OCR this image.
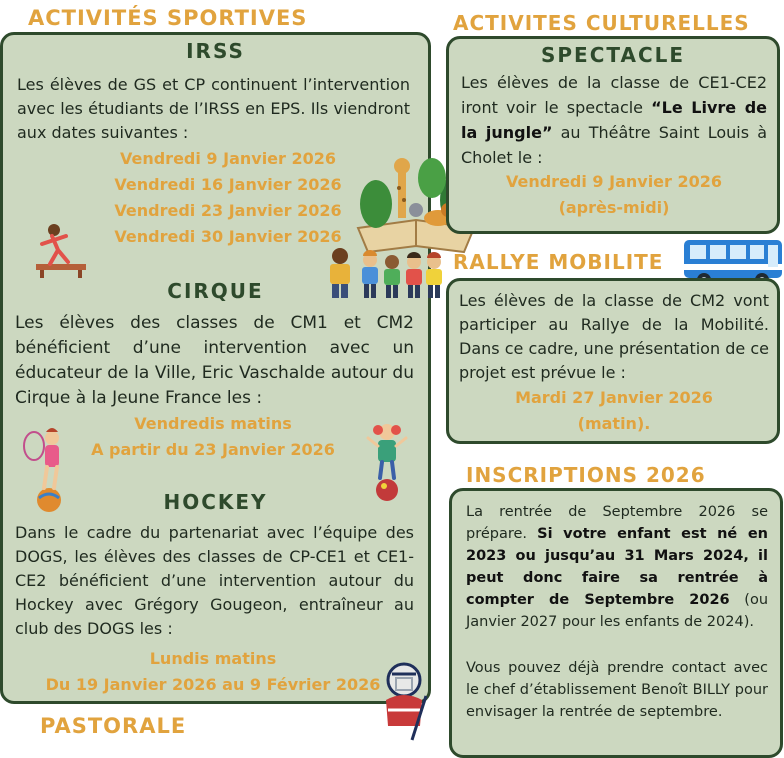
ACTIVITÉS SPORTIVES
IRSS

Les élèves de GS et CP continuent l’intervention avec les étudiants de l’IRSS en EPS. Ils viendront aux dates suivantes :

Vendredi 9 Janvier 2026

Vendredi 16 Janvier 2026

Vendredi 23 Janvier 2026

Vendredi 30 Janvier 2026

CIRQUE

Les élèves des classes de CM1 et CM2 bénéficient d’une intervention avec un éducateur de la Ville, Eric Vaschalde autour du Cirque à la Jeune France les :

Vendredis matins

A partir du 23 Janvier 2026

HOCKEY

Dans le cadre du partenariat avec l’équipe des DOGS, les élèves des classes de CP-CE1 et CE1-CE2 bénéficient d’une intervention autour du Hockey avec Grégory Gougeon, entraîneur au club des DOGS les :

Lundis matins

Du 19 Janvier 2026 au 9 Février 2026

PASTORALE
ACTIVITES CULTURELLES
SPECTACLE

Les élèves de la classe de CE1-CE2 iront voir le spectacle “Le Livre de la jungle” au Théâtre Saint Louis à Cholet le :

Vendredi 9 Janvier 2026

(après-midi)

RALLYE MOBILITE

Les élèves de la classe de CM2 vont participer au Rallye de la Mobilité. Dans ce cadre, une présentation de ce projet est prévue le :

Mardi 27 Janvier 2026

(matin).

INSCRIPTIONS 2026

La rentrée de Septembre 2026 se prépare. Si votre enfant est né en 2023 ou jusqu’au 31 Mars 2024, il peut donc faire sa rentrée à compter de Septembre 2026 (ou Janvier 2027 pour les enfants de 2024).

Vous pouvez déjà prendre contact avec le chef d’établissement Benoît BILLY pour envisager la rentrée de septembre.
